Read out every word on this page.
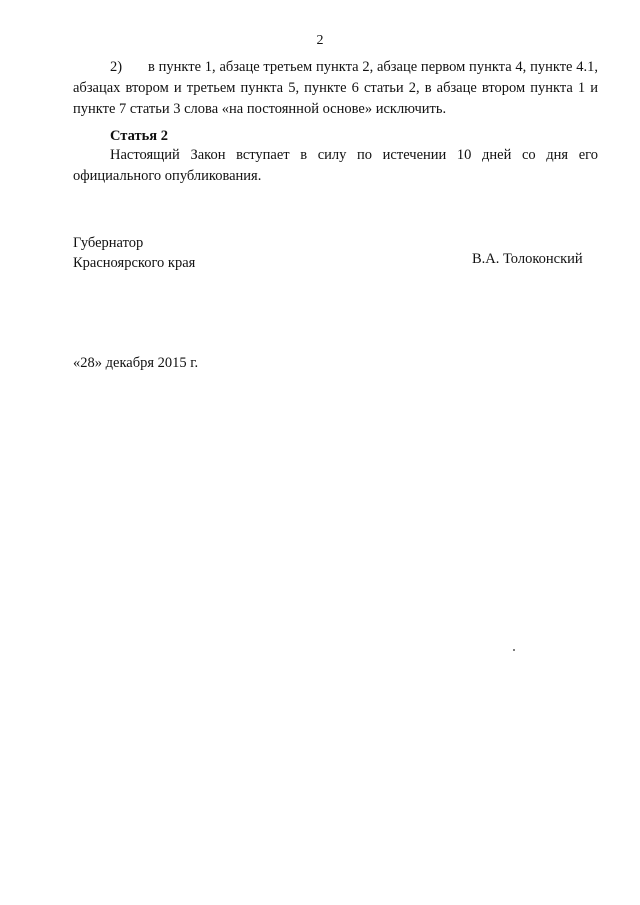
2
2) в пункте 1, абзаце третьем пункта 2, абзаце первом пункта 4, пункте 4.1, абзацах втором и третьем пункта 5, пункте 6 статьи 2, в абзаце втором пункта 1 и пункте 7 статьи 3 слова «на постоянной основе» исключить.
Статья 2
Настоящий Закон вступает в силу по истечении 10 дней со дня его официального опубликования.
Губернатор
Красноярского края	В.А. Толоконский
«28» декабря 2015 г.
